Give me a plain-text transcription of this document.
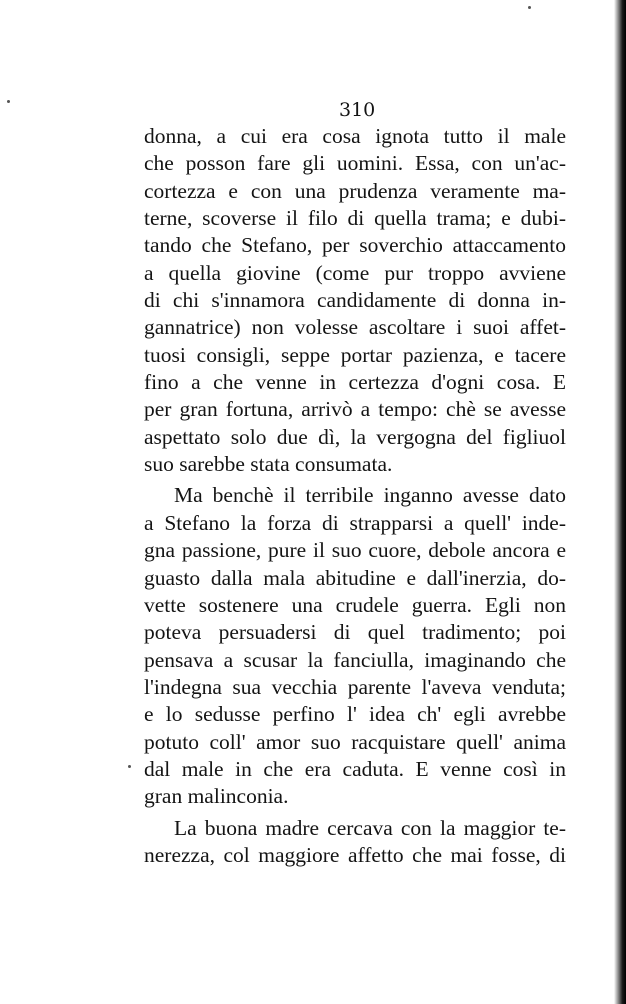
310
donna, a cui era cosa ignota tutto il male
che posson fare gli uomini. Essa, con un'ac-
cortezza e con una prudenza veramente ma-
terne, scoverse il filo di quella trama; e dubi-
tando che Stefano, per soverchio attaccamento
a quella giovine (come pur troppo avviene
di chi s'innamora candidamente di donna in-
gannatrice) non volesse ascoltare i suoi affet-
tuosi consigli, seppe portar pazienza, e tacere
fino a che venne in certezza d'ogni cosa. E
per gran fortuna, arrivò a tempo: chè se avesse
aspettato solo due dì, la vergogna del figliuol
suo sarebbe stata consumata.
Ma benchè il terribile inganno avesse dato
a Stefano la forza di strapparsi a quell' inde-
gna passione, pure il suo cuore, debole ancora e
guasto dalla mala abitudine e dall'inerzia, do-
vette sostenere una crudele guerra. Egli non
poteva persuadersi di quel tradimento; poi
pensava a scusar la fanciulla, imaginando che
l'indegna sua vecchia parente l'aveva venduta;
e lo sedusse perfino l' idea ch' egli avrebbe
potuto coll' amor suo racquistare quell' anima
dal male in che era caduta. E venne così in
gran malinconia.
La buona madre cercava con la maggior te-
nerezza, col maggiore affetto che mai fosse, di
